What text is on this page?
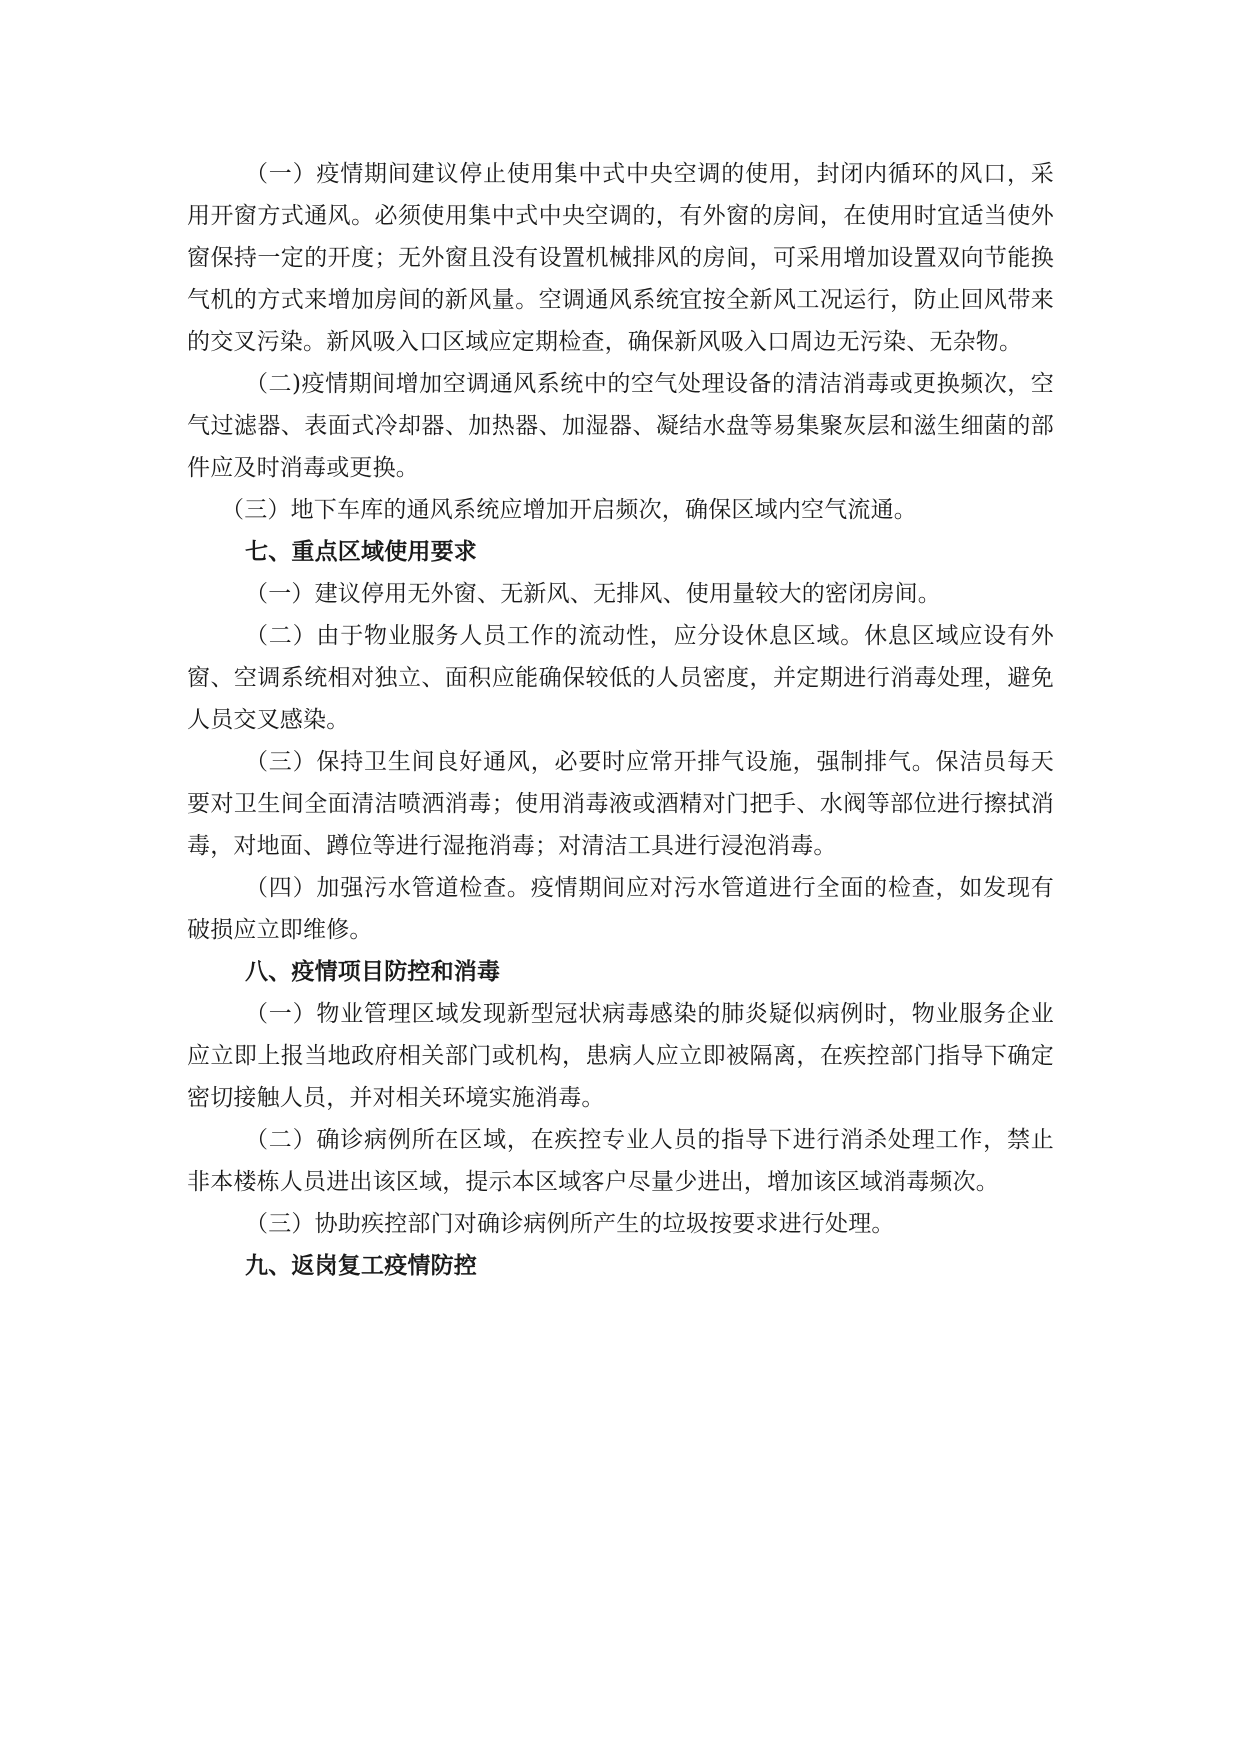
（一）疫情期间建议停止使用集中式中央空调的使用，封闭内循环的风口，采用开窗方式通风。必须使用集中式中央空调的，有外窗的房间，在使用时宜适当使外窗保持一定的开度；无外窗且没有设置机械排风的房间，可采用增加设置双向节能换气机的方式来增加房间的新风量。空调通风系统宜按全新风工况运行，防止回风带来的交叉污染。新风吸入口区域应定期检查，确保新风吸入口周边无污染、无杂物。

（二)疫情期间增加空调通风系统中的空气处理设备的清洁消毒或更换频次，空气过滤器、表面式冷却器、加热器、加湿器、凝结水盘等易集聚灰层和滋生细菌的部件应及时消毒或更换。

（三）地下车库的通风系统应增加开启频次，确保区域内空气流通。

七、重点区域使用要求

（一）建议停用无外窗、无新风、无排风、使用量较大的密闭房间。

（二）由于物业服务人员工作的流动性，应分设休息区域。休息区域应设有外窗、空调系统相对独立、面积应能确保较低的人员密度，并定期进行消毒处理，避免人员交叉感染。

（三）保持卫生间良好通风，必要时应常开排气设施，强制排气。保洁员每天要对卫生间全面清洁喷洒消毒；使用消毒液或酒精对门把手、水阀等部位进行擦拭消毒，对地面、蹲位等进行湿拖消毒；对清洁工具进行浸泡消毒。

（四）加强污水管道检查。疫情期间应对污水管道进行全面的检查，如发现有破损应立即维修。

八、疫情项目防控和消毒

（一）物业管理区域发现新型冠状病毒感染的肺炎疑似病例时，物业服务企业应立即上报当地政府相关部门或机构，患病人应立即被隔离，在疾控部门指导下确定密切接触人员，并对相关环境实施消毒。

（二）确诊病例所在区域，在疾控专业人员的指导下进行消杀处理工作，禁止非本楼栋人员进出该区域，提示本区域客户尽量少进出，增加该区域消毒频次。

（三）协助疾控部门对确诊病例所产生的垃圾按要求进行处理。

九、返岗复工疫情防控
